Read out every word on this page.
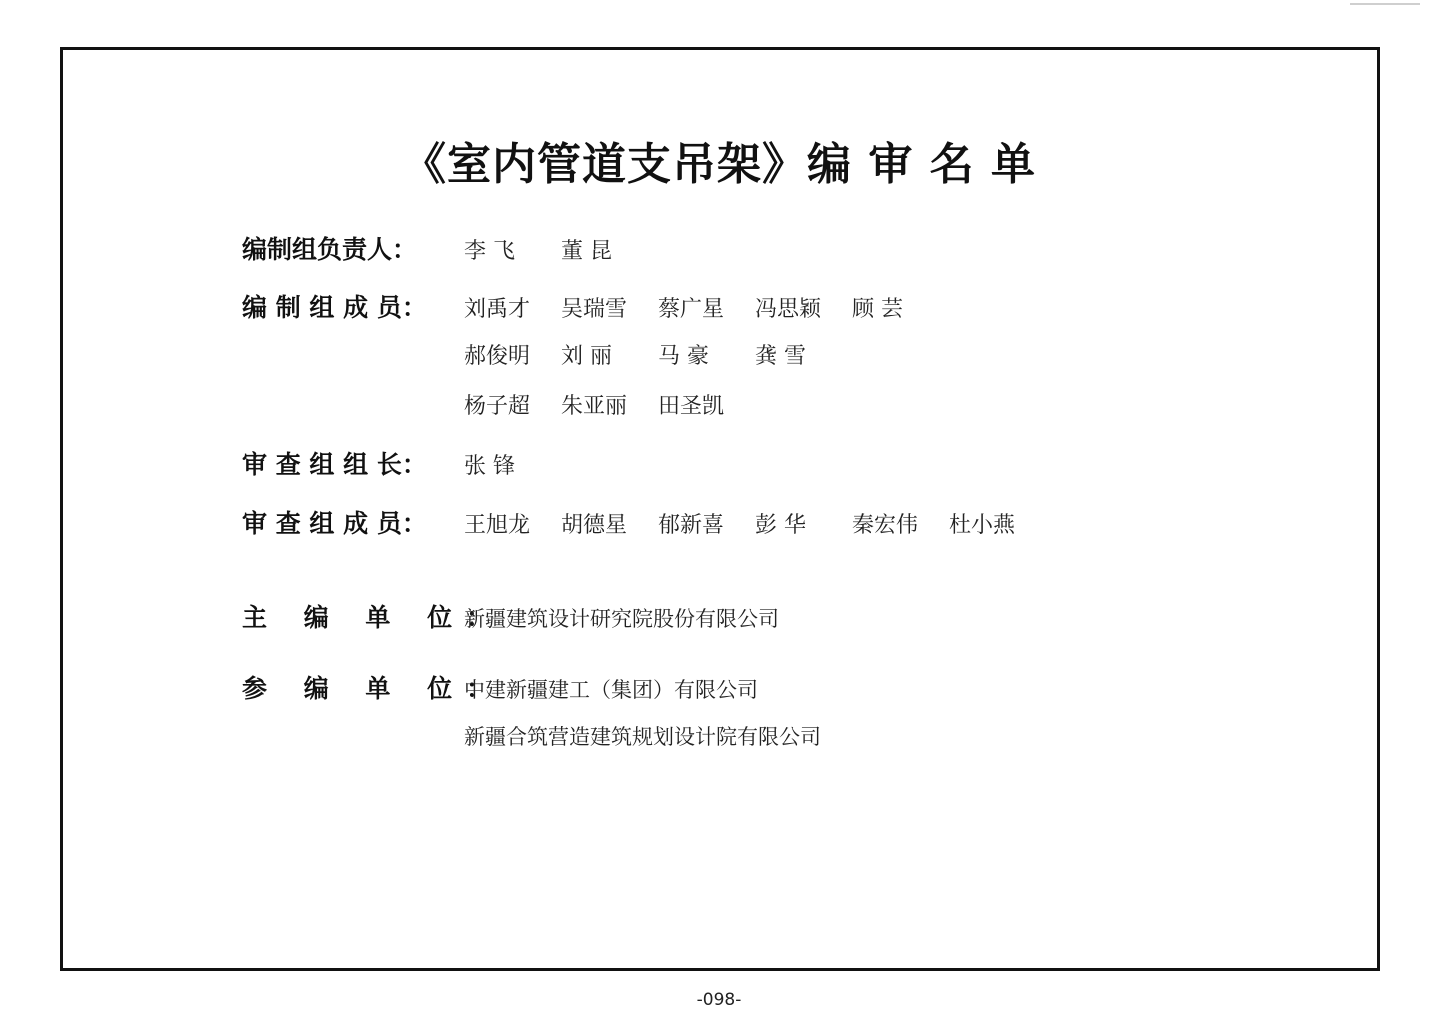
《室内管道支吊架》编 审 名 单
编制组负责人：	李 飞	董 昆
编 制 组 成 员：	刘禹才	吴瑞雪	蔡广星	冯思颖	顾 芸
郝俊明	刘 丽	马 豪	龚 雪
杨子超	朱亚丽	田圣凯
审 查 组 组 长：	张 锋
审 查 组 成 员：	王旭龙	胡德星	郁新喜	彭 华	秦宏伟	杜小燕
主 编 单 位：
新疆建筑设计研究院股份有限公司
参 编 单 位：
中建新疆建工（集团）有限公司
新疆合筑营造建筑规划设计院有限公司
-098-
